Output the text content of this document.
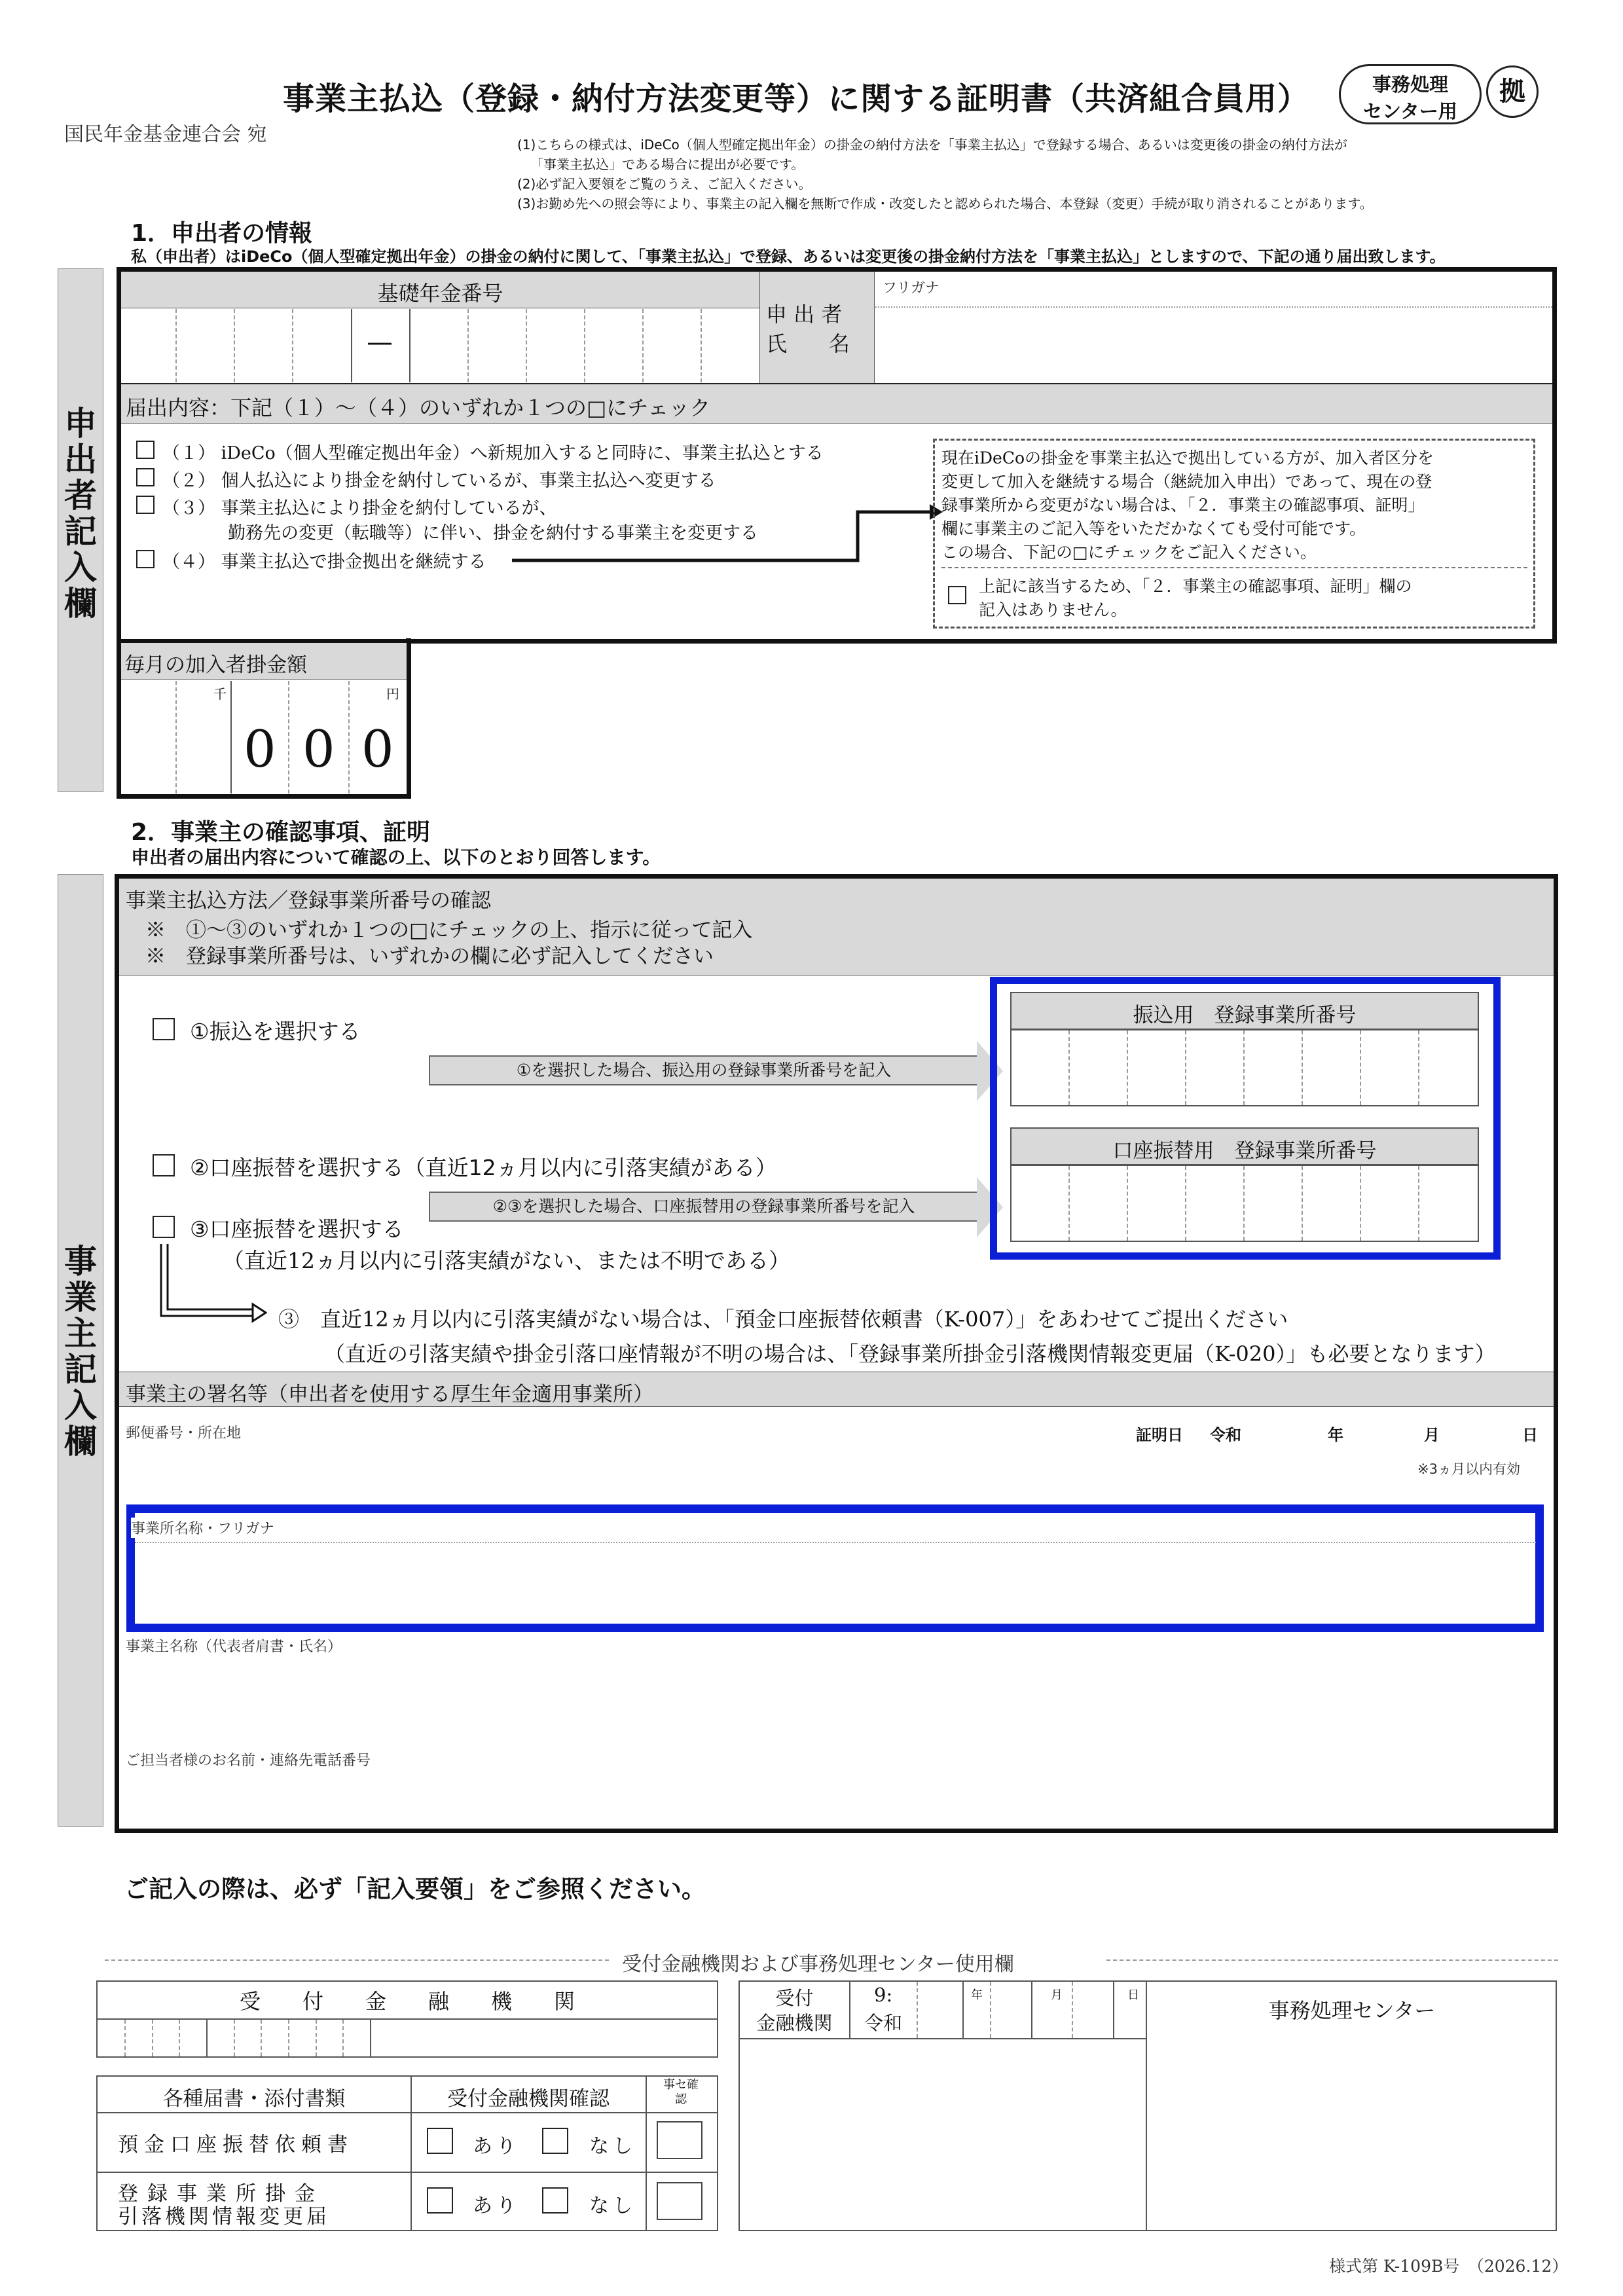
事業主払込（登録・納付方法変更等）に関する証明書（共済組合員用）	事務処理
センター用
拠
国民年金基金連合会 宛	(1)こちらの様式は、iDeCo（個人型確定拠出年金）の掛金の納付方法を「事業主払込」で登録する場合、あるいは変更後の掛金の納付方法が
「事業主払込」である場合に提出が必要です。
(2)必ず記入要領をご覧のうえ、ご記入ください。
(3)お勤め先への照会等により、事業主の記入欄を無断で作成・改変したと認められた場合、本登録（変更）手続が取り消されることがあります。
1．申出者の情報
私（申出者）はiDeCo（個人型確定拠出年金）の掛金の納付に関して、「事業主払込」で登録、あるいは変更後の掛金納付方法を「事業主払込」としますので、下記の通り届出致します。
申
出
者
記
入
欄
基礎年金番号
—
申 出 者
氏　　名
フリガナ
届出内容：下記（１）～（４）のいずれか１つの□にチェック
（１） iDeCo（個人型確定拠出年金）へ新規加入すると同時に、事業主払込とする
（２） 個人払込により掛金を納付しているが、事業主払込へ変更する
（３） 事業主払込により掛金を納付しているが、
勤務先の変更（転職等）に伴い、掛金を納付する事業主を変更する
（４） 事業主払込で掛金拠出を継続する
現在iDeCoの掛金を事業主払込で拠出している方が、加入者区分を
変更して加入を継続する場合（継続加入申出）であって、現在の登
録事業所から変更がない場合は、「２．事業主の確認事項、証明」
欄に事業主のご記入等をいただかなくても受付可能です。
この場合、下記の□にチェックをご記入ください。
上記に該当するため、「２．事業主の確認事項、証明」欄の
記入はありません。
毎月の加入者掛金額
千	円
0 0 0
2．事業主の確認事項、証明
申出者の届出内容について確認の上、以下のとおり回答します。
事
業
主
記
入
欄
事業主払込方法／登録事業所番号の確認
※　①～③のいずれか１つの□にチェックの上、指示に従って記入
※　登録事業所番号は、いずれかの欄に必ず記入してください
①振込を選択する
②口座振替を選択する（直近12ヵ月以内に引落実績がある）
③口座振替を選択する
（直近12ヵ月以内に引落実績がない、または不明である）
①を選択した場合、振込用の登録事業所番号を記入
②③を選択した場合、口座振替用の登録事業所番号を記入
振込用　登録事業所番号
口座振替用　登録事業所番号
③　直近12ヵ月以内に引落実績がない場合は、「預金口座振替依頼書（K-007）」をあわせてご提出ください
（直近の引落実績や掛金引落口座情報が不明の場合は、「登録事業所掛金引落機関情報変更届（K-020）」も必要となります）
事業主の署名等（申出者を使用する厚生年金適用事業所）
郵便番号・所在地	証明日 令和	年	月	日
※3ヵ月以内有効
事業所名称・フリガナ
事業主名称（代表者肩書・氏名）
ご担当者様のお名前・連絡先電話番号
ご記入の際は、必ず「記入要領」をご参照ください。
受付金融機関および事務処理センター使用欄
受　　付　　金　　融　　機　　関
各種届書・添付書類	受付金融機関確認
事セ確認
預金口座振替依頼書	あり	なし
登録事業所掛金
引落機関情報変更届	あり	なし
受付
金融機関
9:
令和
年	月	日
事務処理センター
様式第 K-109B号　（2026.12）
